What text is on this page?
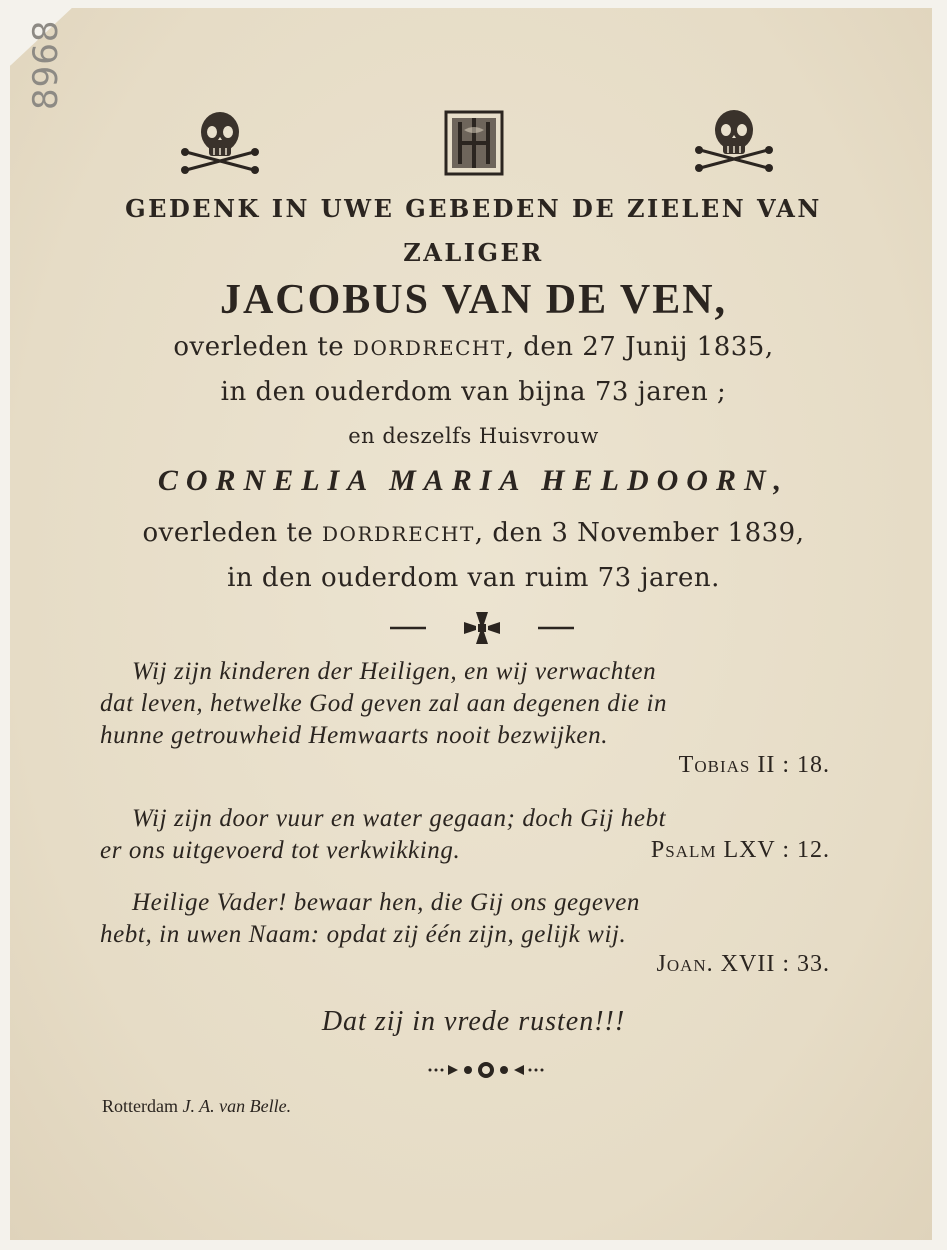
8968
GEDENK IN UWE GEBEDEN DE ZIELEN VAN
ZALIGER
JACOBUS VAN DE VEN,
overleden te DORDRECHT, den 27 Junij 1835,
in den ouderdom van bijna 73 jaren ;
en deszelfs Huisvrouw
CORNELIA MARIA HELDOORN,
overleden te DORDRECHT, den 3 November 1839,
in den ouderdom van ruim 73 jaren.
Wij zijn kinderen der Heiligen, en wij verwachten
dat leven, hetwelke God geven zal aan degenen die in
hunne getrouwheid Hemwaarts nooit bezwijken.
Tobias II : 18.
Wij zijn door vuur en water gegaan; doch Gij hebt
er ons uitgevoerd tot verkwikking.	Psalm LXV : 12.
Heilige Vader! bewaar hen, die Gij ons gegeven
hebt, in uwen Naam: opdat zij één zijn, gelijk wij.
Joan. XVII : 33.
Dat zij in vrede rusten!!!
Rotterdam J. A. van Belle.
